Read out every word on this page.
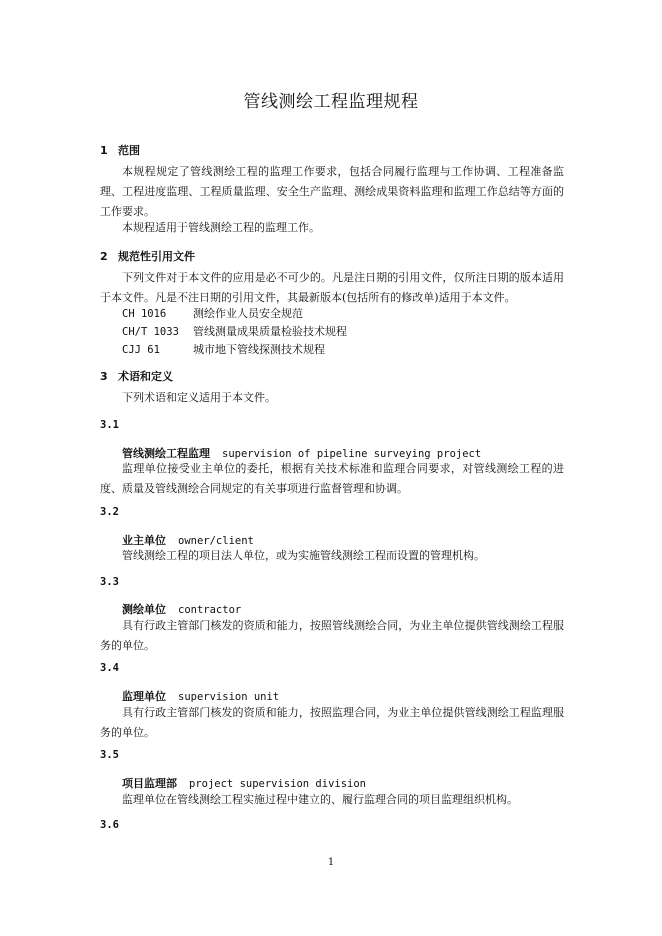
管线测绘工程监理规程
1 范围
本规程规定了管线测绘工程的监理工作要求，包括合同履行监理与工作协调、工程准备监理、工程进度监理、工程质量监理、安全生产监理、测绘成果资料监理和监理工作总结等方面的工作要求。
本规程适用于管线测绘工程的监理工作。
2 规范性引用文件
下列文件对于本文件的应用是必不可少的。凡是注日期的引用文件，仅所注日期的版本适用于本文件。凡是不注日期的引用文件，其最新版本(包括所有的修改单)适用于本文件。
CH 1016 测绘作业人员安全规范
CH/T 1033 管线测量成果质量检验技术规程
CJJ 61	城市地下管线探测技术规程
3 术语和定义
下列术语和定义适用于本文件。
3.1
管线测绘工程监理 supervision of pipeline surveying project
监理单位接受业主单位的委托，根据有关技术标准和监理合同要求，对管线测绘工程的进度、质量及管线测绘合同规定的有关事项进行监督管理和协调。
3.2
业主单位 owner/client
管线测绘工程的项目法人单位，或为实施管线测绘工程而设置的管理机构。
3.3
测绘单位 contractor
具有行政主管部门核发的资质和能力，按照管线测绘合同，为业主单位提供管线测绘工程服务的单位。
3.4
监理单位 supervision unit
具有行政主管部门核发的资质和能力，按照监理合同，为业主单位提供管线测绘工程监理服务的单位。
3.5
项目监理部 project supervision division
监理单位在管线测绘工程实施过程中建立的、履行监理合同的项目监理组织机构。
3.6
1
